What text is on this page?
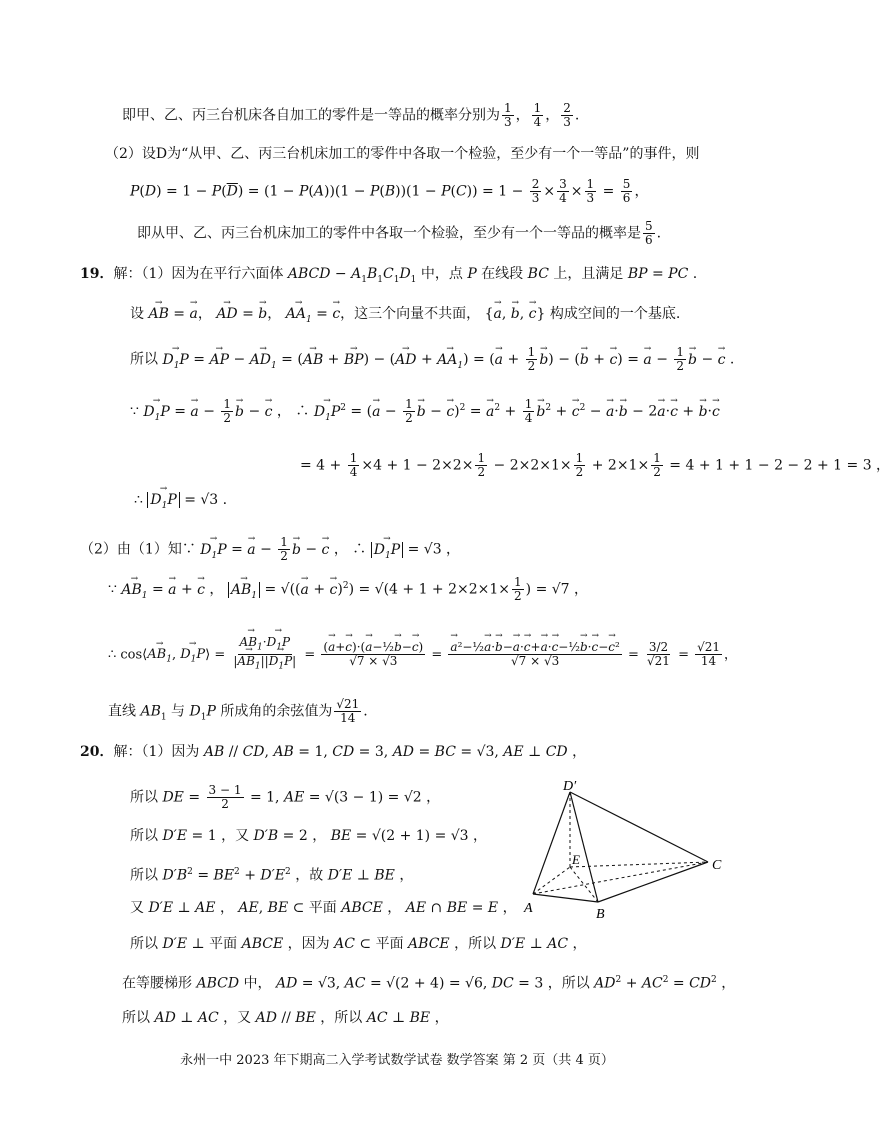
即甲、乙、丙三台机床各自加工的零件是一等品的概率分别为 $\frac{1}{3}$ ， $\frac{1}{4}$ ， $\frac{2}{3}$ .
（2）设D为“从甲、乙、丙三台机床加工的零件中各取一个检验，至少有一个一等品”的事件，则
$P(D) = 1 - P(\overline{D}) = (1 - P(A))(1 - P(B))(1 - P(C)) = 1 - \frac{2}{3} \times \frac{3}{4} \times \frac{1}{3} = \frac{5}{6}$ ，
即从甲、乙、丙三台机床加工的零件中各取一个检验，至少有一个一等品的概率是 $\frac{5}{6}$ .
19．解：（1）因为在平行六面体 ABCD − $A_1B_1C_1D_1$ 中，点 P 在线段 BC 上，且满足 BP = PC .
设 AB → = a →， AD → = b →， $AA_1$ → = c →，这三个向量不共面， {a →, b →, c →} 构成空间的一个基底.
所以 $D_1P$ → = AP → − $AD_1$ → = (AB → + BP →) − (AD → + $AA_1$ →) = (a → + $\frac{1}{2}$ b →) − (b → + c →) = a → − $\frac{1}{2}$ b → − c → .
∵ $D_1P$ → = a → − $\frac{1}{2}$ b → − c → ， ∴ $D_1P \to^2 = (a$ → − $\frac{1}{2}$ b → − $c \to)^2 = a \to^2 + \frac{1}{4}$ b →$^2$ + c →$^2$ − a →·b → − 2a →·c → + b →·c →
= $4 + \frac{1}{4} \times 4 + 1 - 2\times 2\times \frac{1}{2} - 2\times 2\times 1\times \frac{1}{2} + 2\times 1\times \frac{1}{2} = 4 + 1 + 1 - 2 - 2 + 1 = 3$ ，
∴ $D_1P$ → = √3 .
（2）由（1）知∵ $D_1P$ → = a → − $\frac{1}{2}$ b → − c → ， ∴ $D_1P$ → = √3 ，
∵ $AB_1$ → = a → + c → ， $AB_1$ → = √((a → + $c \to)^2) = √(4 + 1 + 2\times 2\times 1\times \frac{1}{2}$ ) = √7 ，
∴ $\cos⟨AB_1$ →, $D_1P$ →⟩ = $\frac{AB_1 \to\cdot D_1P \to}{|AB_1 \to||D_1P \to|} = \frac{\text{(a →+c →)·(a →−½b →−c →)}}{√7 \times √3} = \frac{\text{a →²−½a →·b →−a →·c →+a →·c →−½b →·c →−c →²}}{√7 \times √3} = \frac{3/2}{√21} = \frac{√21}{14}$ ，
直线 $AB_1$ 与 $D_1P$ 所成角的余弦值为 $\frac{√21}{14}$ .
20．解：（1）因为 AB // CD, AB = 1, CD = 3, AD = BC = √3, AE ⊥ CD ，
所以 DE = $\frac{3 - 1}{2} = 1$, AE = √(3 − 1) = √2 ，
所以 D′E = 1 ，又 D′B = 2 ， BE = √(2 + 1) = √3 ，
所以 $D'B^2 = BE^2 + D'E^2$ ，故 D′E ⊥ BE ，
又 D′E ⊥ AE ， AE, BE ⊂ 平面 ABCE ， AE ∩ BE = E ，
所以 D′E ⊥ 平面 ABCE ，因为 AC ⊂ 平面 ABCE ，所以 D′E ⊥ AC ，
在等腰梯形 ABCD 中， AD = √3, AC = √(2 + 4) = √6, DC = 3 ，所以 $AD^2 + AC^2 = CD^2$ ，
所以 AD ⊥ AC ，又 AD // BE ，所以 AC ⊥ BE ，
D′
E	C
A	B
永州一中 2023 年下期高二入学考试数学试卷 数学答案 第 2 页（共 4 页）
